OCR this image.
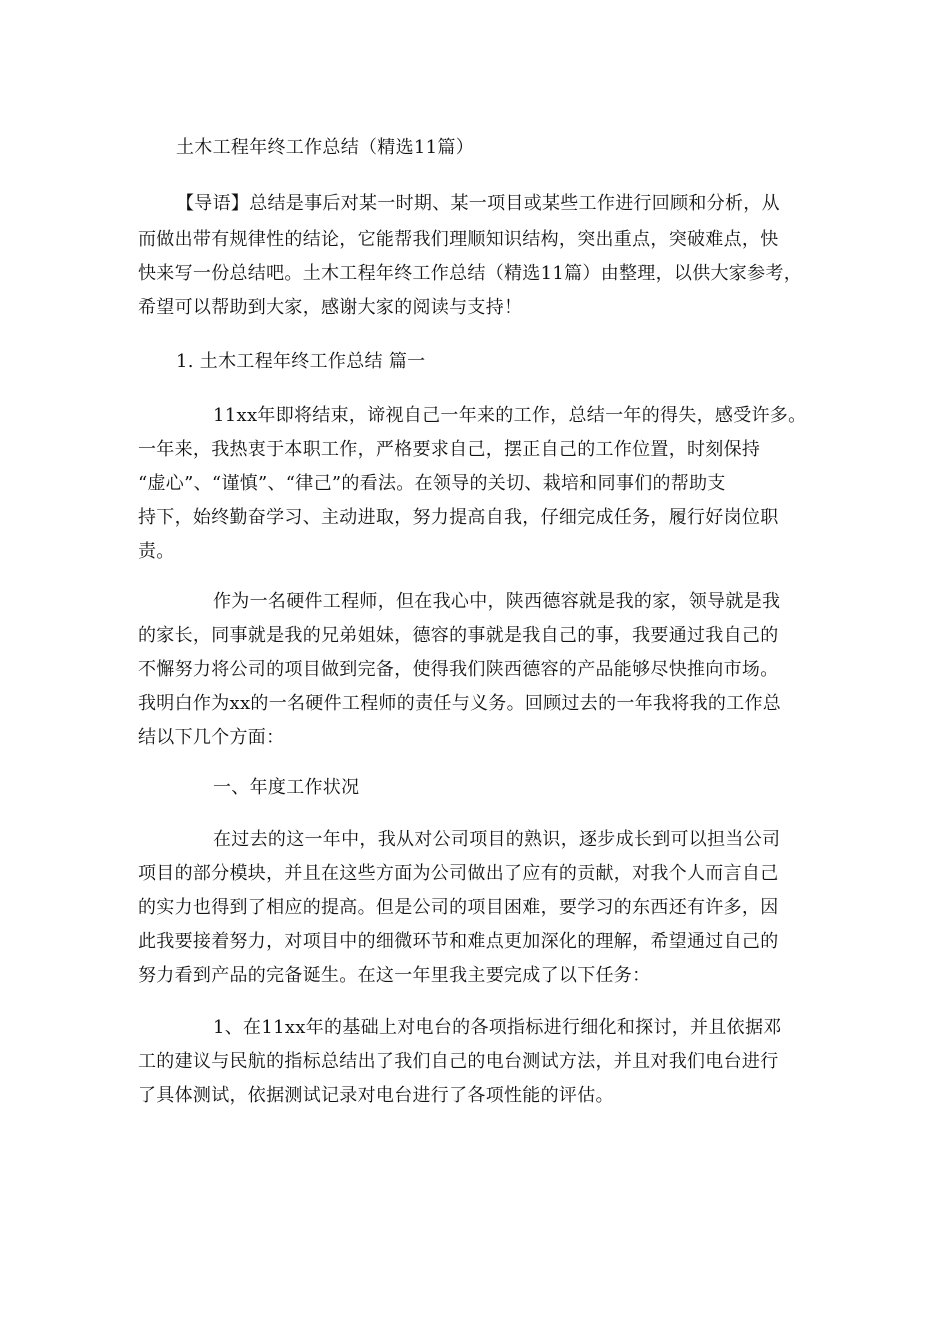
土木工程年终工作总结（精选11篇）
【导语】总结是事后对某一时期、某一项目或某些工作进行回顾和分析，从
而做出带有规律性的结论，它能帮我们理顺知识结构，突出重点，突破难点，快
快来写一份总结吧。土木工程年终工作总结（精选11篇）由整理，以供大家参考，
希望可以帮助到大家，感谢大家的阅读与支持！
1. 土木工程年终工作总结 篇一
11xx年即将结束，谛视自己一年来的工作，总结一年的得失，感受许多。
一年来，我热衷于本职工作，严格要求自己，摆正自己的工作位置，时刻保持
“虚心”、“谨慎”、“律己”的看法。在领导的关切、栽培和同事们的帮助支
持下，始终勤奋学习、主动进取，努力提高自我，仔细完成任务，履行好岗位职
责。
作为一名硬件工程师，但在我心中，陕西德容就是我的家，领导就是我
的家长，同事就是我的兄弟姐妹，德容的事就是我自己的事，我要通过我自己的
不懈努力将公司的项目做到完备，使得我们陕西德容的产品能够尽快推向市场。
我明白作为xx的一名硬件工程师的责任与义务。回顾过去的一年我将我的工作总
结以下几个方面：
一、年度工作状况
在过去的这一年中，我从对公司项目的熟识，逐步成长到可以担当公司
项目的部分模块，并且在这些方面为公司做出了应有的贡献，对我个人而言自己
的实力也得到了相应的提高。但是公司的项目困难，要学习的东西还有许多，因
此我要接着努力，对项目中的细微环节和难点更加深化的理解，希望通过自己的
努力看到产品的完备诞生。在这一年里我主要完成了以下任务：
1、在11xx年的基础上对电台的各项指标进行细化和探讨，并且依据邓
工的建议与民航的指标总结出了我们自己的电台测试方法，并且对我们电台进行
了具体测试，依据测试记录对电台进行了各项性能的评估。
